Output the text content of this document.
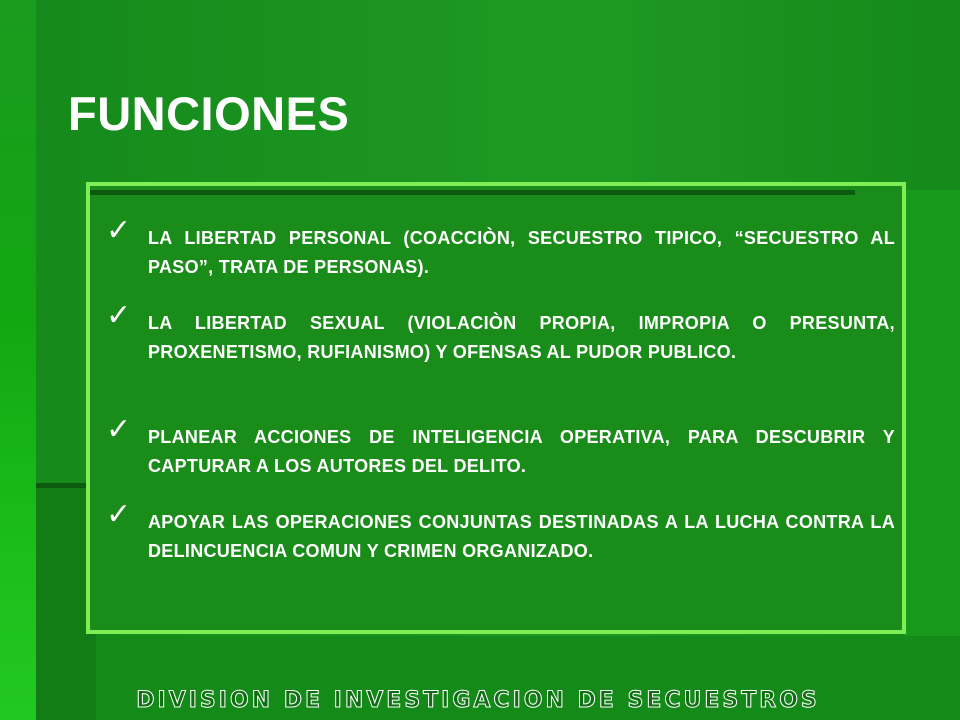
FUNCIONES
✓ LA LIBERTAD PERSONAL (COACCIÒN, SECUESTRO TIPICO, “SECUESTRO AL PASO”, TRATA DE PERSONAS).
✓ LA LIBERTAD SEXUAL (VIOLACIÒN PROPIA, IMPROPIA O PRESUNTA, PROXENETISMO, RUFIANISMO) Y OFENSAS AL PUDOR PUBLICO.
✓ PLANEAR ACCIONES DE INTELIGENCIA OPERATIVA, PARA DESCUBRIR Y CAPTURAR A LOS AUTORES DEL DELITO.
✓ APOYAR LAS OPERACIONES CONJUNTAS DESTINADAS A LA LUCHA CONTRA LA DELINCUENCIA COMUN Y CRIMEN ORGANIZADO.
DIVISION DE INVESTIGACION DE SECUESTROS
